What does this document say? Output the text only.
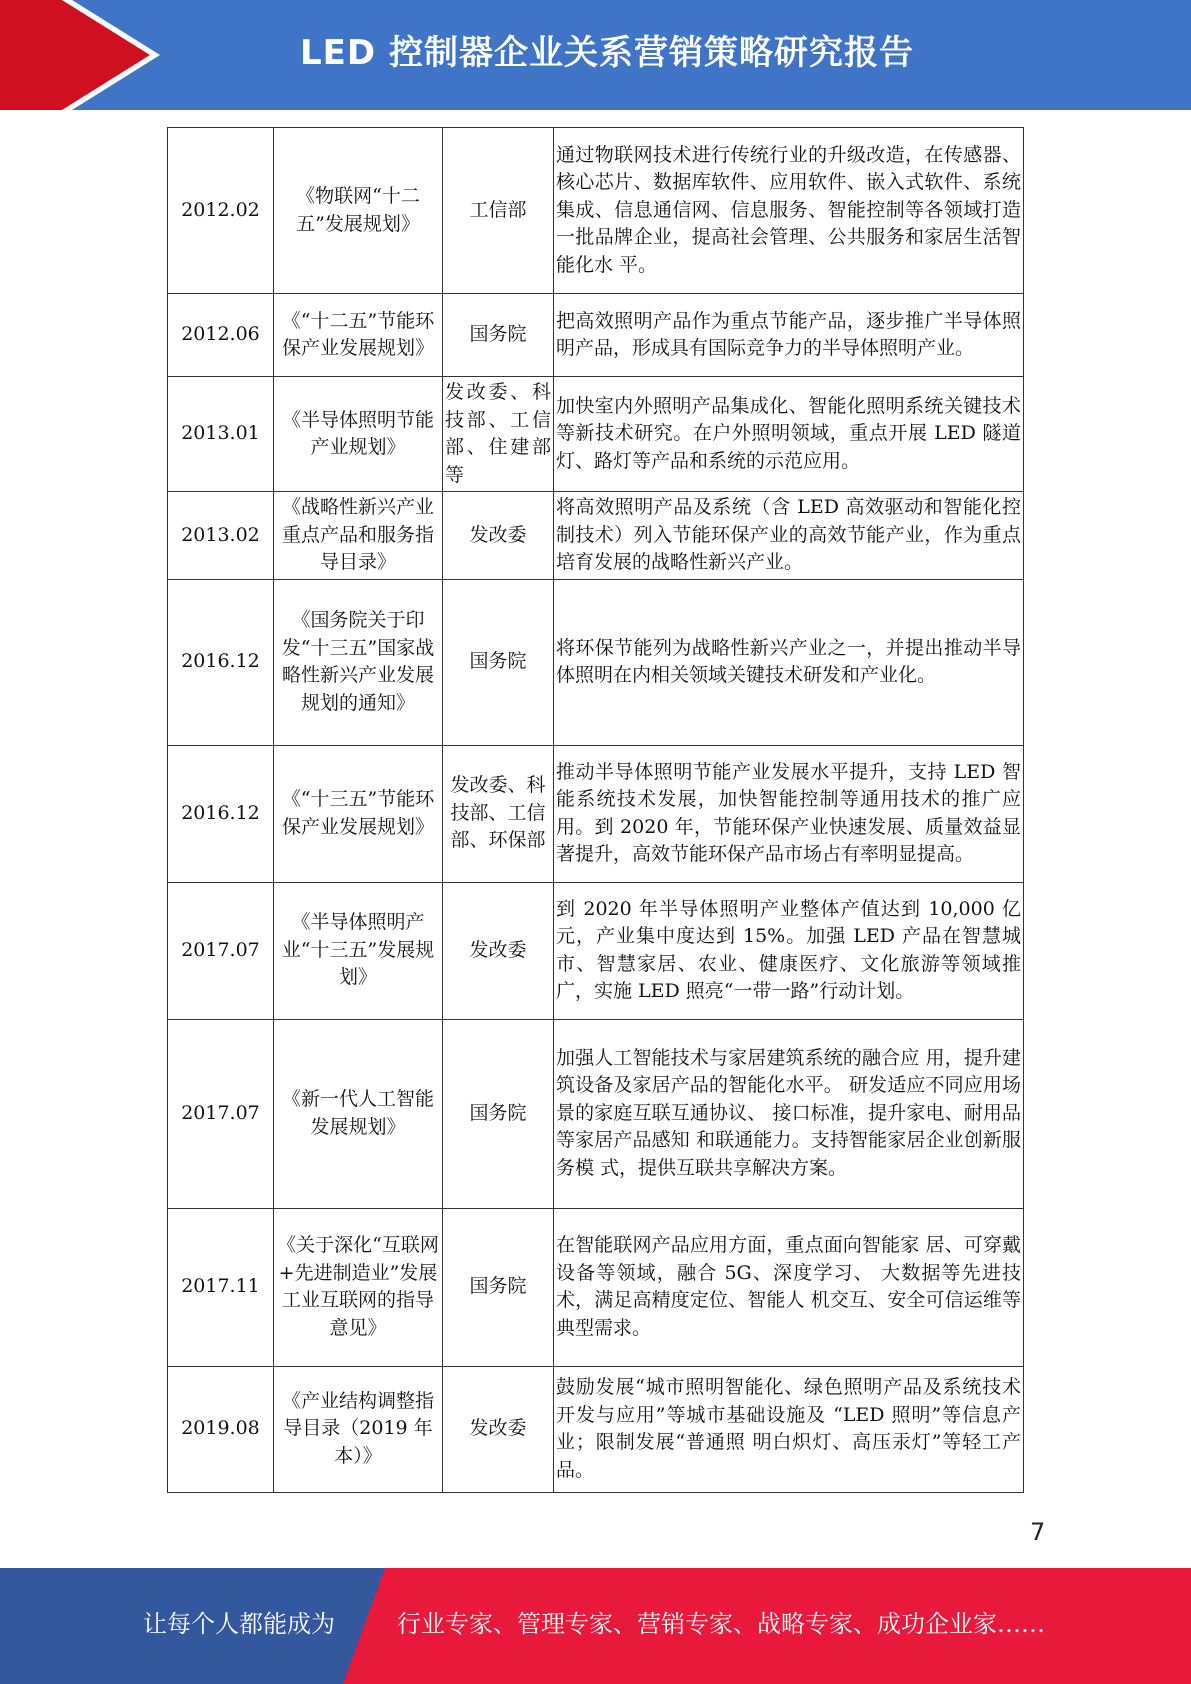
LED 控制器企业关系营销策略研究报告
2012.02	《物联网“十二五”发展规划》	工信部	通过物联网技术进行传统行业的升级改造，在传感器、核心芯片、数据库软件、应用软件、嵌入式软件、系统集成、信息通信网、信息服务、智能控制等各领域打造一批品牌企业，提高社会管理、公共服务和家居生活智能化水 平。
2012.06	《“十二五”节能环保产业发展规划》	国务院	把高效照明产品作为重点节能产品，逐步推广半导体照明产品，形成具有国际竞争力的半导体照明产业。
2013.01	《半导体照明节能产业规划》	发改委、科技部、工信部、住建部等	加快室内外照明产品集成化、智能化照明系统关键技术等新技术研究。在户外照明领域，重点开展 LED 隧道灯、路灯等产品和系统的示范应用。
2013.02	《战略性新兴产业重点产品和服务指导目录》	发改委	将高效照明产品及系统（含 LED 高效驱动和智能化控制技术）列入节能环保产业的高效节能产业，作为重点培育发展的战略性新兴产业。
2016.12	《国务院关于印发“十三五”国家战略性新兴产业发展规划的通知》	国务院	将环保节能列为战略性新兴产业之一，并提出推动半导体照明在内相关领域关键技术研发和产业化。
2016.12	《“十三五”节能环保产业发展规划》	发改委、科技部、工信部、环保部	推动半导体照明节能产业发展水平提升，支持 LED 智能系统技术发展，加快智能控制等通用技术的推广应用。到 2020 年，节能环保产业快速发展、质量效益显著提升，高效节能环保产品市场占有率明显提高。
2017.07	《半导体照明产业“十三五”发展规划》	发改委	到 2020 年半导体照明产业整体产值达到 10,000 亿元，产业集中度达到 15%。加强 LED 产品在智慧城市、智慧家居、农业、健康医疗、文化旅游等领域推广，实施 LED 照亮“一带一路”行动计划。
2017.07	《新一代人工智能发展规划》	国务院	加强人工智能技术与家居建筑系统的融合应 用，提升建筑设备及家居产品的智能化水平。 研发适应不同应用场景的家庭互联互通协议、 接口标准，提升家电、耐用品等家居产品感知 和联通能力。支持智能家居企业创新服务模 式，提供互联共享解决方案。
2017.11	《关于深化“互联网+先进制造业”发展工业互联网的指导意见》	国务院	在智能联网产品应用方面，重点面向智能家 居、可穿戴设备等领域，融合 5G、深度学习、 大数据等先进技术，满足高精度定位、智能人 机交互、安全可信运维等典型需求。
2019.08	《产业结构调整指导目录（2019 年本）》	发改委	鼓励发展“城市照明智能化、绿色照明产品及系统技术开发与应用”等城市基础设施及 “LED 照明”等信息产业；限制发展“普通照 明白炽灯、高压汞灯”等轻工产品。
7
让每个人都能成为	行业专家、管理专家、营销专家、战略专家、成功企业家……
